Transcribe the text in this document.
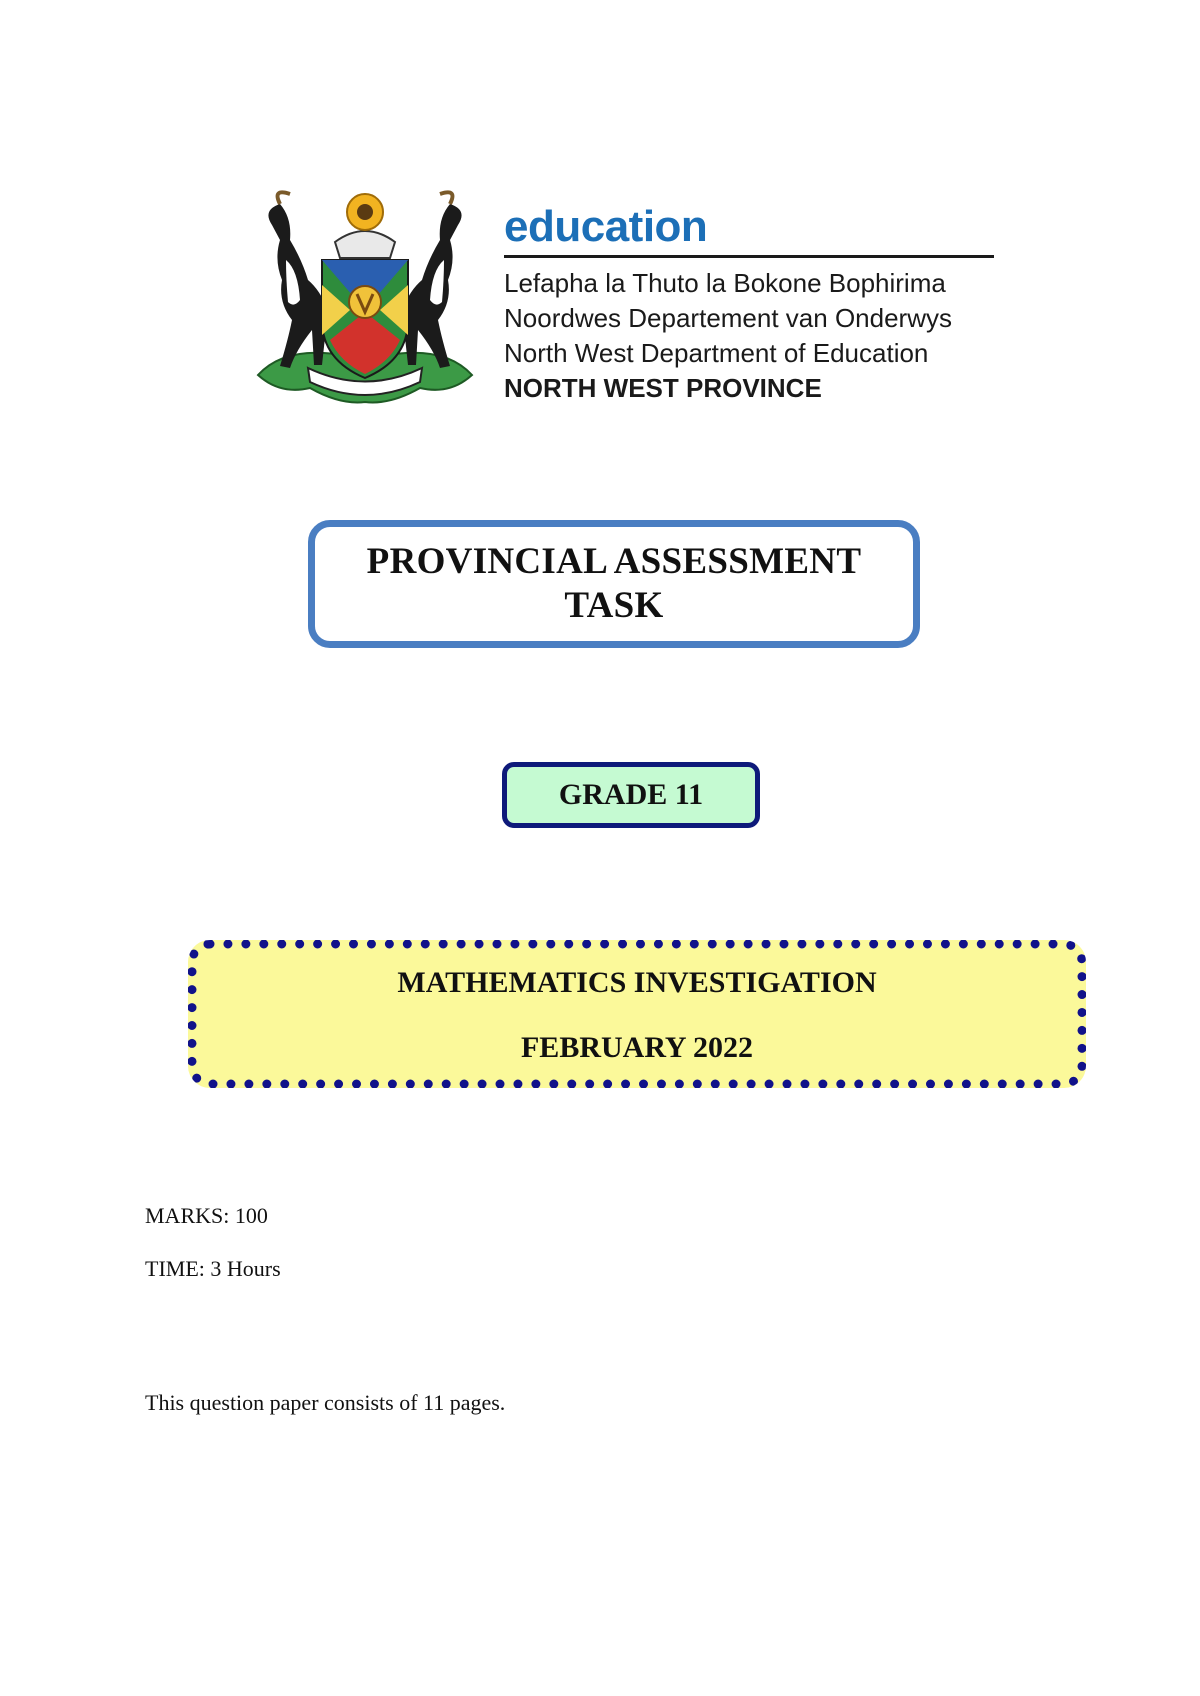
education
Lefapha la Thuto la Bokone Bophirima
Noordwes Departement van Onderwys
North West Department of Education
NORTH WEST PROVINCE
PROVINCIAL ASSESSMENT
TASK
GRADE 11
MATHEMATICS INVESTIGATION
FEBRUARY 2022
MARKS: 100
TIME: 3 Hours
This question paper consists of 11 pages.
